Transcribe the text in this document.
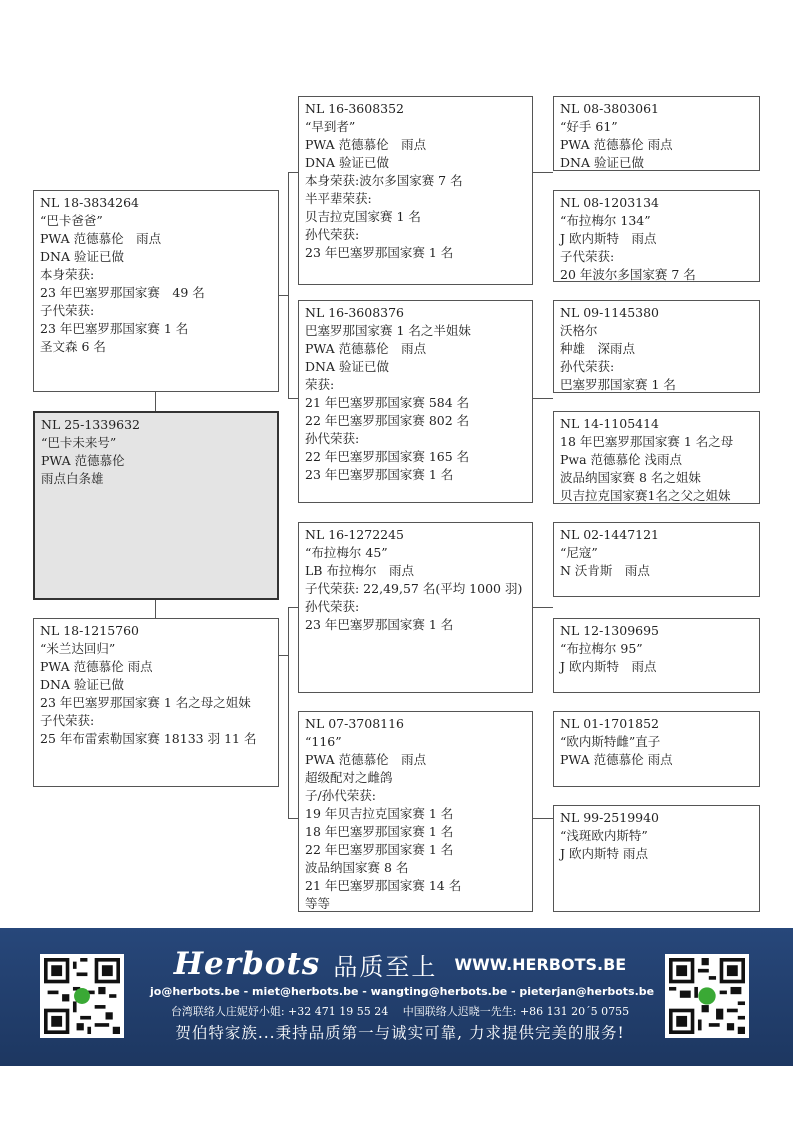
NL 18-3834264
“巴卡爸爸”
PWA 范德慕伦　雨点
DNA 验证已做
本身荣获:
23 年巴塞罗那国家赛　49 名
子代荣获:
23 年巴塞罗那国家赛 1 名
圣文森 6 名
NL 25-1339632
“巴卡未来号”
PWA 范德慕伦
雨点白条雄
NL 18-1215760
“米兰达回归”
PWA 范德慕伦 雨点
DNA 验证已做
23 年巴塞罗那国家赛 1 名之母之姐妹
子代荣获:
25 年布雷索勒国家赛 18133 羽 11 名
NL 16-3608352
“早到者”
PWA 范德慕伦　雨点
DNA 验证已做
本身荣获:波尔多国家赛 7 名
半平辈荣获:
贝吉拉克国家赛 1 名
孙代荣获:
23 年巴塞罗那国家赛 1 名
NL 16-3608376
巴塞罗那国家赛 1 名之半姐妹
PWA 范德慕伦　雨点
DNA 验证已做
荣获:
21 年巴塞罗那国家赛 584 名
22 年巴塞罗那国家赛 802 名
孙代荣获:
22 年巴塞罗那国家赛 165 名
23 年巴塞罗那国家赛 1 名
NL 16-1272245
“布拉梅尔 45”
LB 布拉梅尔　雨点
子代荣获: 22,49,57 名(平均 1000 羽)
孙代荣获:
23 年巴塞罗那国家赛 1 名
NL 07-3708116
“116”
PWA 范德慕伦　雨点
超级配对之雌鸽
子/孙代荣获:
19 年贝吉拉克国家赛 1 名
18 年巴塞罗那国家赛 1 名
22 年巴塞罗那国家赛 1 名
波品纳国家赛 8 名
21 年巴塞罗那国家赛 14 名
等等
NL 08-3803061
“好手 61”
PWA 范德慕伦 雨点
DNA 验证已做
NL 08-1203134
“布拉梅尔 134”
J 欧内斯特　雨点
子代荣获:
20 年波尔多国家赛 7 名
NL 09-1145380
沃格尔
种雄　深雨点
孙代荣获:
巴塞罗那国家赛 1 名
NL 14-1105414
18 年巴塞罗那国家赛 1 名之母
Pwa 范德慕伦 浅雨点
波品纳国家赛 8 名之姐妹
贝吉拉克国家赛1名之父之姐妹
NL 02-1447121
“尼寇”
N 沃肯斯　雨点
NL 12-1309695
“布拉梅尔 95”
J 欧内斯特　雨点
NL 01-1701852
“欧内斯特雌”直子
PWA 范德慕伦 雨点
NL 99-2519940
“浅斑欧内斯特”
J 欧内斯特 雨点
Herbots 品质至上 WWW.HERBOTS.BE
jo@herbots.be - miet@herbots.be - wangting@herbots.be - pieterjan@herbots.be
台湾联络人庄妮妤小姐: +32 471 19 55 24　 中国联络人迟晓一先生: +86 131 20´5 0755
贺伯特家族...秉持品质第一与诚实可靠, 力求提供完美的服务!
